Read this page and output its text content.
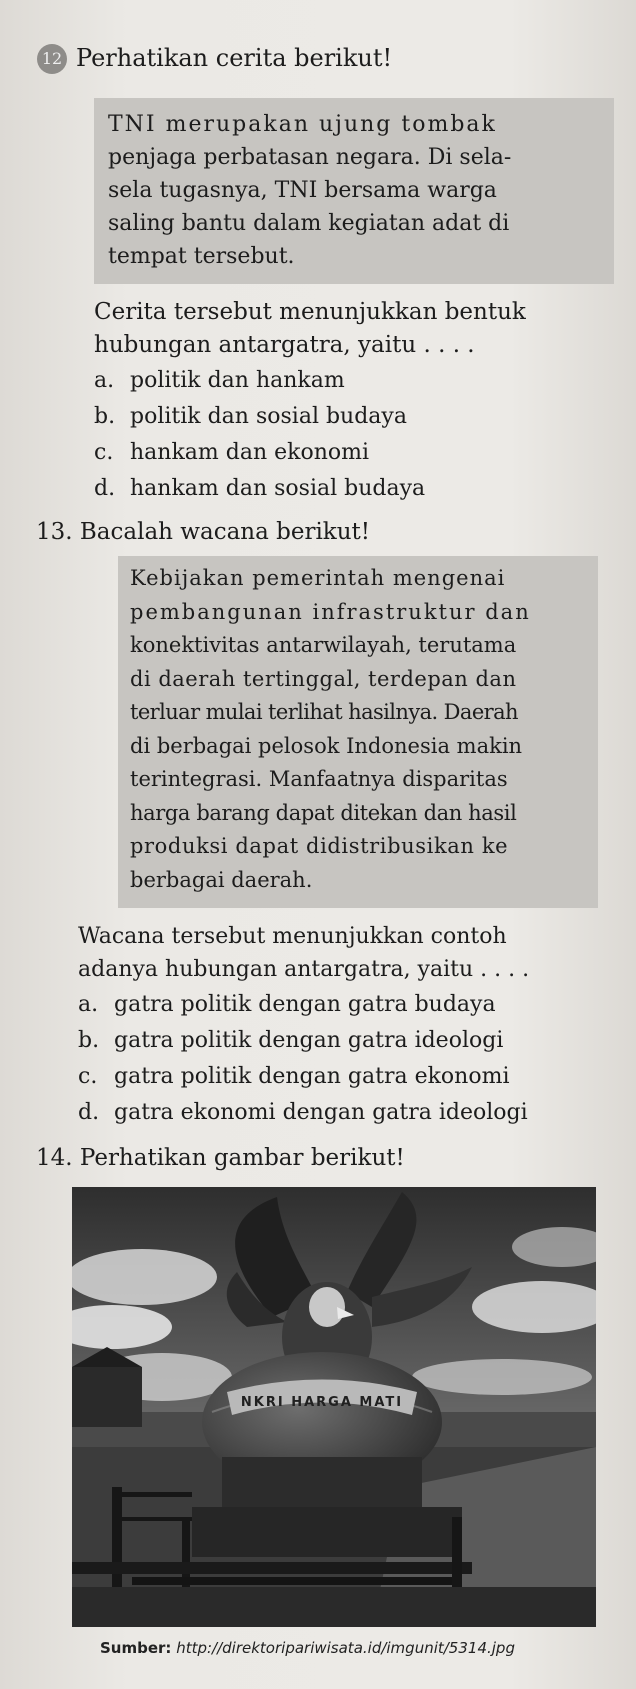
12 Perhatikan cerita berikut!

TNI merupakan ujung tombak

penjaga perbatasan negara. Di sela-

sela tugasnya, TNI bersama warga

saling bantu dalam kegiatan adat di

tempat tersebut.

Cerita tersebut menunjukkan bentuk
hubungan antargatra, yaitu . . . .
a. politik dan hankam
b. politik dan sosial budaya
c. hankam dan ekonomi
d. hankam dan sosial budaya
13. Bacalah wacana berikut!

Kebijakan pemerintah mengenai

pembangunan infrastruktur dan

konektivitas antarwilayah, terutama

di daerah tertinggal, terdepan dan

terluar mulai terlihat hasilnya. Daerah

di berbagai pelosok Indonesia makin

terintegrasi. Manfaatnya disparitas

harga barang dapat ditekan dan hasil

produksi dapat didistribusikan ke

berbagai daerah.

Wacana tersebut menunjukkan contoh
adanya hubungan antargatra, yaitu . . . .
a. gatra politik dengan gatra budaya
b. gatra politik dengan gatra ideologi
c. gatra politik dengan gatra ekonomi
d. gatra ekonomi dengan gatra ideologi
14. Perhatikan gambar berikut!
NKRI HARGA MATI
Sumber: http://direktoripariwisata.id/imgunit/5314.jpg
